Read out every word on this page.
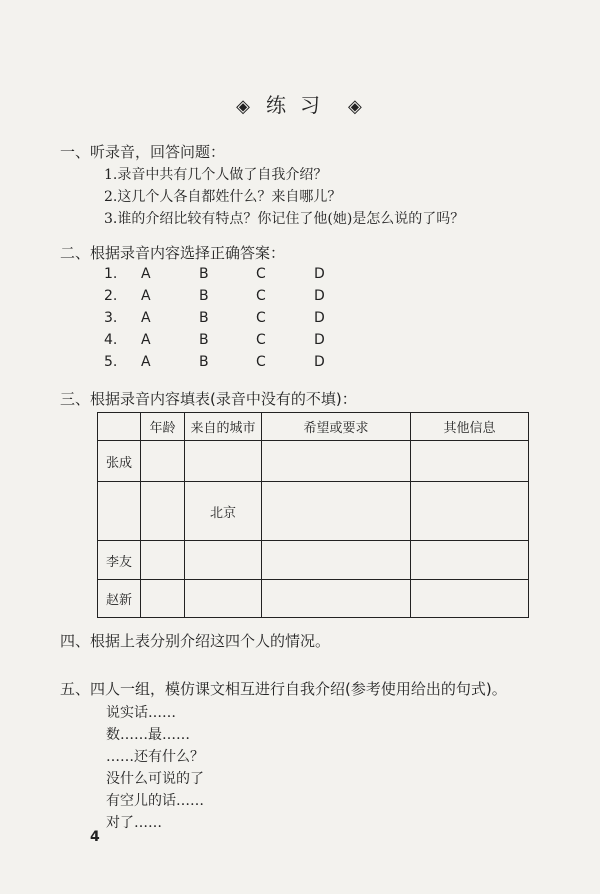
◈ 练习 ◈
一、听录音，回答问题：
1.录音中共有几个人做了自我介绍？
2.这几个人各自都姓什么？来自哪儿？
3.谁的介绍比较有特点？你记住了他(她)是怎么说的了吗？
二、根据录音内容选择正确答案：
1. A	B	C	D
2. A	B	C	D
3. A	B	C	D
4. A	B	C	D
5. A	B	C	D
三、根据录音内容填表(录音中没有的不填)：
	年龄	来自的城市	希望或要求	其他信息
张成				
		北京		
李友				
赵新				
四、根据上表分别介绍这四个人的情况。
五、四人一组，模仿课文相互进行自我介绍(参考使用给出的句式)。
说实话……
数……最……
……还有什么？
没什么可说的了
有空儿的话……
对了……
4
